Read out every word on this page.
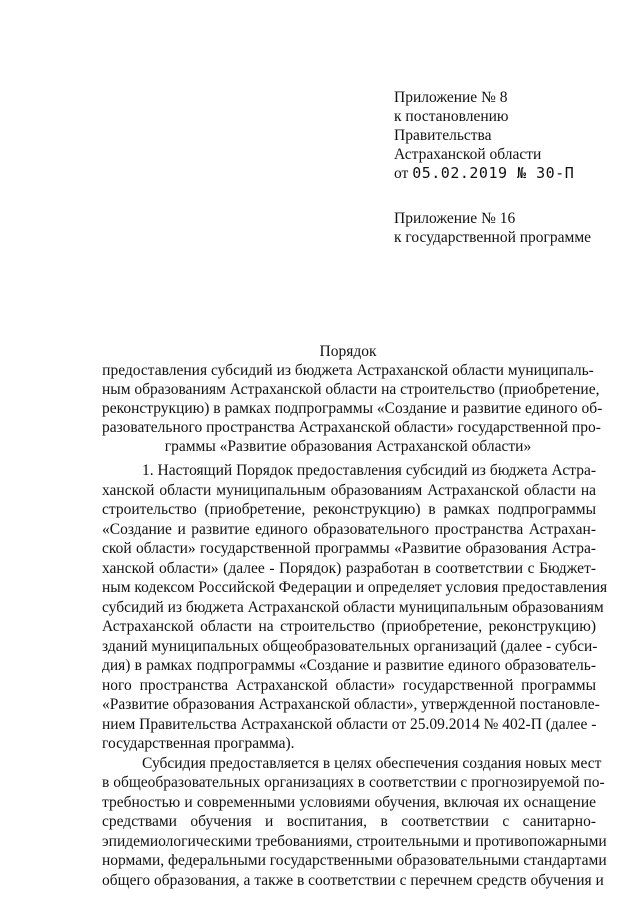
Приложение № 8
к постановлению
Правительства
Астраханской области
от 05.02.2019 № 30-П
Приложение № 16
к государственной программе
Порядок
предоставления субсидий из бюджета Астраханской области муниципаль-
ным образованиям Астраханской области на строительство (приобретение,
реконструкцию) в рамках подпрограммы «Создание и развитие единого об-
разовательного пространства Астраханской области» государственной про-
граммы «Развитие образования Астраханской области»
1. Настоящий Порядок предоставления субсидий из бюджета Астра-
ханской области муниципальным образованиям Астраханской области на
строительство (приобретение, реконструкцию) в рамках подпрограммы
«Создание и развитие единого образовательного пространства Астрахан-
ской области» государственной программы «Развитие образования Астра-
ханской области» (далее - Порядок) разработан в соответствии с Бюджет-
ным кодексом Российской Федерации и определяет условия предоставления
субсидий из бюджета Астраханской области муниципальным образованиям
Астраханской области на строительство (приобретение, реконструкцию)
зданий муниципальных общеобразовательных организаций (далее - субси-
дия) в рамках подпрограммы «Создание и развитие единого образователь-
ного пространства Астраханской области» государственной программы
«Развитие образования Астраханской области», утвержденной постановле-
нием Правительства Астраханской области от 25.09.2014 № 402-П (далее -
государственная программа).
Субсидия предоставляется в целях обеспечения создания новых мест
в общеобразовательных организациях в соответствии с прогнозируемой по-
требностью и современными условиями обучения, включая их оснащение
средствами обучения и воспитания, в соответствии с санитарно-
эпидемиологическими требованиями, строительными и противопожарными
нормами, федеральными государственными образовательными стандартами
общего образования, а также в соответствии с перечнем средств обучения и
